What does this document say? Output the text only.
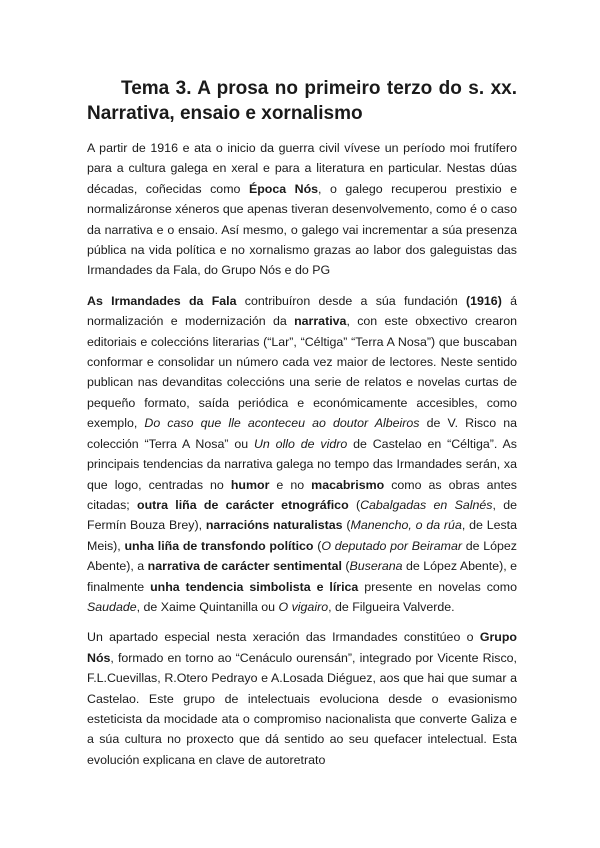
Tema 3. A prosa no primeiro terzo do s. xx.
Narrativa, ensaio e xornalismo

A partir de 1916 e ata o inicio da guerra civil vívese un período moi frutífero para a cultura galega en xeral e para a literatura en particular. Nestas dúas décadas, coñecidas como Época Nós, o galego recuperou prestixio e normalizáronse xéneros que apenas tiveran desenvolvemento, como é o caso da narrativa e o ensaio. Así mesmo, o galego vai incrementar a súa presenza pública na vida política e no xornalismo grazas ao labor dos galeguistas das Irmandades da Fala, do Grupo Nós e do PG

As Irmandades da Fala contribuíron desde a súa fundación (1916) á normalización e modernización da narrativa, con este obxectivo crearon editoriais e coleccións literarias (“Lar”, “Céltiga” “Terra A Nosa”) que buscaban conformar e consolidar un número cada vez maior de lectores. Neste sentido publican nas devanditas coleccións una serie de relatos e novelas curtas de pequeño formato, saída periódica e económicamente accesibles, como exemplo, Do caso que lle aconteceu ao doutor Albeiros de V. Risco na colección “Terra A Nosa” ou Un ollo de vidro de Castelao en “Céltiga”. As principais tendencias da narrativa galega no tempo das Irmandades serán, xa que logo, centradas no humor e no macabrismo como as obras antes citadas; outra liña de carácter etnográfico (Cabalgadas en Salnés, de Fermín Bouza Brey), narracións naturalistas (Manencho, o da rúa, de Lesta Meis), unha liña de transfondo político (O deputado por Beiramar de López Abente), a narrativa de carácter sentimental (Buserana de López Abente), e finalmente unha tendencia simbolista e lírica presente en novelas como Saudade, de Xaime Quintanilla ou O vigairo, de Filgueira Valverde.

Un apartado especial nesta xeración das Irmandades constitúeo o Grupo Nós, formado en torno ao “Cenáculo ourensán”, integrado por Vicente Risco, F.L.Cuevillas, R.Otero Pedrayo e A.Losada Diéguez, aos que hai que sumar a Castelao. Este grupo de intelectuais evoluciona desde o evasionismo esteticista da mocidade ata o compromiso nacionalista que converte Galiza e a súa cultura no proxecto que dá sentido ao seu quefacer intelectual. Esta evolución explicana en clave de autoretrato
